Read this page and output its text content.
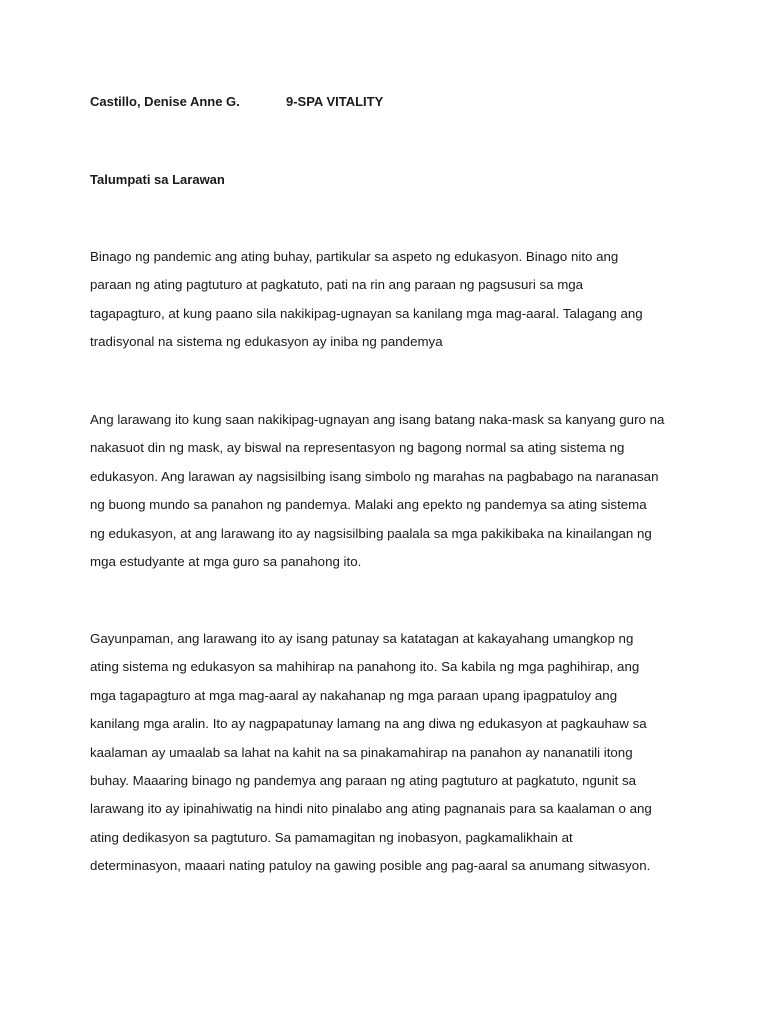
Castillo, Denise Anne G.	9-SPA VITALITY
Talumpati sa Larawan

Binago ng pandemic ang ating buhay, partikular sa aspeto ng edukasyon. Binago nito ang
paraan ng ating pagtuturo at pagkatuto, pati na rin ang paraan ng pagsusuri sa mga
tagapagturo, at kung paano sila nakikipag-ugnayan sa kanilang mga mag-aaral. Talagang ang
tradisyonal na sistema ng edukasyon ay iniba ng pandemya

Ang larawang ito kung saan nakikipag-ugnayan ang isang batang naka-mask sa kanyang guro na
nakasuot din ng mask, ay biswal na representasyon ng bagong normal sa ating sistema ng
edukasyon. Ang larawan ay nagsisilbing isang simbolo ng marahas na pagbabago na naranasan
ng buong mundo sa panahon ng pandemya. Malaki ang epekto ng pandemya sa ating sistema
ng edukasyon, at ang larawang ito ay nagsisilbing paalala sa mga pakikibaka na kinailangan ng
mga estudyante at mga guro sa panahong ito.

Gayunpaman, ang larawang ito ay isang patunay sa katatagan at kakayahang umangkop ng
ating sistema ng edukasyon sa mahihirap na panahong ito. Sa kabila ng mga paghihirap, ang
mga tagapagturo at mga mag-aaral ay nakahanap ng mga paraan upang ipagpatuloy ang
kanilang mga aralin. Ito ay nagpapatunay lamang na ang diwa ng edukasyon at pagkauhaw sa
kaalaman ay umaalab sa lahat na kahit na sa pinakamahirap na panahon ay nananatili itong
buhay. Maaaring binago ng pandemya ang paraan ng ating pagtuturo at pagkatuto, ngunit sa
larawang ito ay ipinahiwatig na hindi nito pinalabo ang ating pagnanais para sa kaalaman o ang
ating dedikasyon sa pagtuturo. Sa pamamagitan ng inobasyon, pagkamalikhain at
determinasyon, maaari nating patuloy na gawing posible ang pag-aaral sa anumang sitwasyon.
